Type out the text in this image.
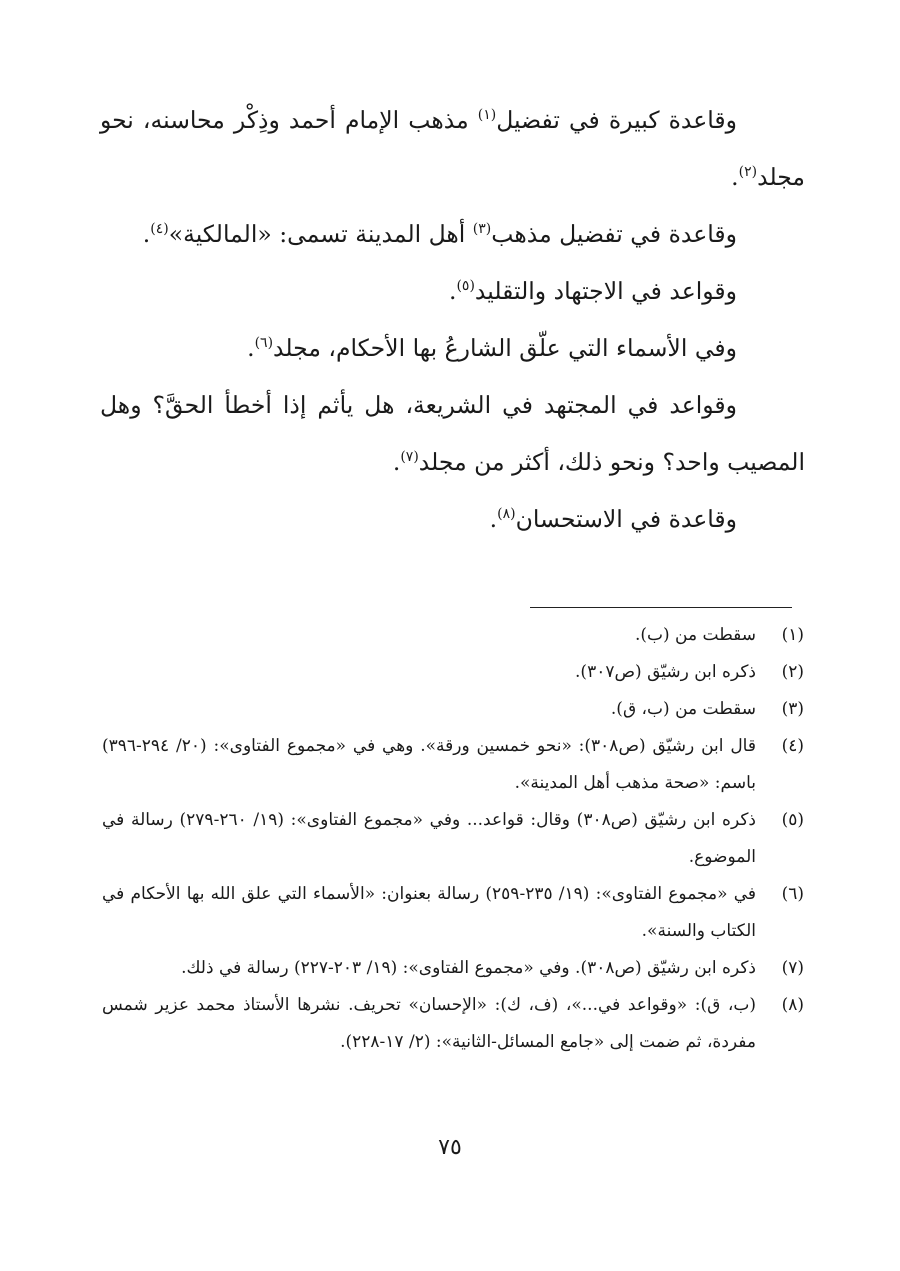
وقاعدة كبيرة في تفضيل$^{(١)}$ مذهب الإمام أحمد وذِكْر محاسنه، نحو مجلد$^{(٢)}$.

وقاعدة في تفضيل مذهب$^{(٣)}$ أهل المدينة تسمى: «المالكية»$^{(٤)}$.

وقواعد في الاجتهاد والتقليد$^{(٥)}$.

وفي الأسماء التي علّق الشارعُ بها الأحكام، مجلد$^{(٦)}$.

وقواعد في المجتهد في الشريعة، هل يأثم إذا أخطأ الحقَّ؟ وهل المصيب واحد؟ ونحو ذلك، أكثر من مجلد$^{(٧)}$.

وقاعدة في الاستحسان$^{(٨)}$.

(١)
سقطت من (ب).
(٢)
ذكره ابن رشيّق (ص٣٠٧).
(٣)
سقطت من (ب، ق).
(٤)
قال ابن رشيّق (ص٣٠٨): «نحو خمسين ورقة». وهي في «مجموع الفتاوى»: (٢٠/ ٢٩٤-٣٩٦) باسم: «صحة مذهب أهل المدينة».
(٥)
ذكره ابن رشيّق (ص٣٠٨) وقال: قواعد... وفي «مجموع الفتاوى»: (١٩/ ٢٦٠-٢٧٩) رسالة في الموضوع.
(٦)
في «مجموع الفتاوى»: (١٩/ ٢٣٥-٢٥٩) رسالة بعنوان: «الأسماء التي علق الله بها الأحكام في الكتاب والسنة».
(٧)
ذكره ابن رشيّق (ص٣٠٨). وفي «مجموع الفتاوى»: (١٩/ ٢٠٣-٢٢٧) رسالة في ذلك.
(٨)
(ب، ق): «وقواعد في...»، (ف، ك): «الإحسان» تحريف. نشرها الأستاذ محمد عزير شمس مفردة، ثم ضمت إلى «جامع المسائل-الثانية»: (٢/ ١٧-٢٢٨).
٧٥
